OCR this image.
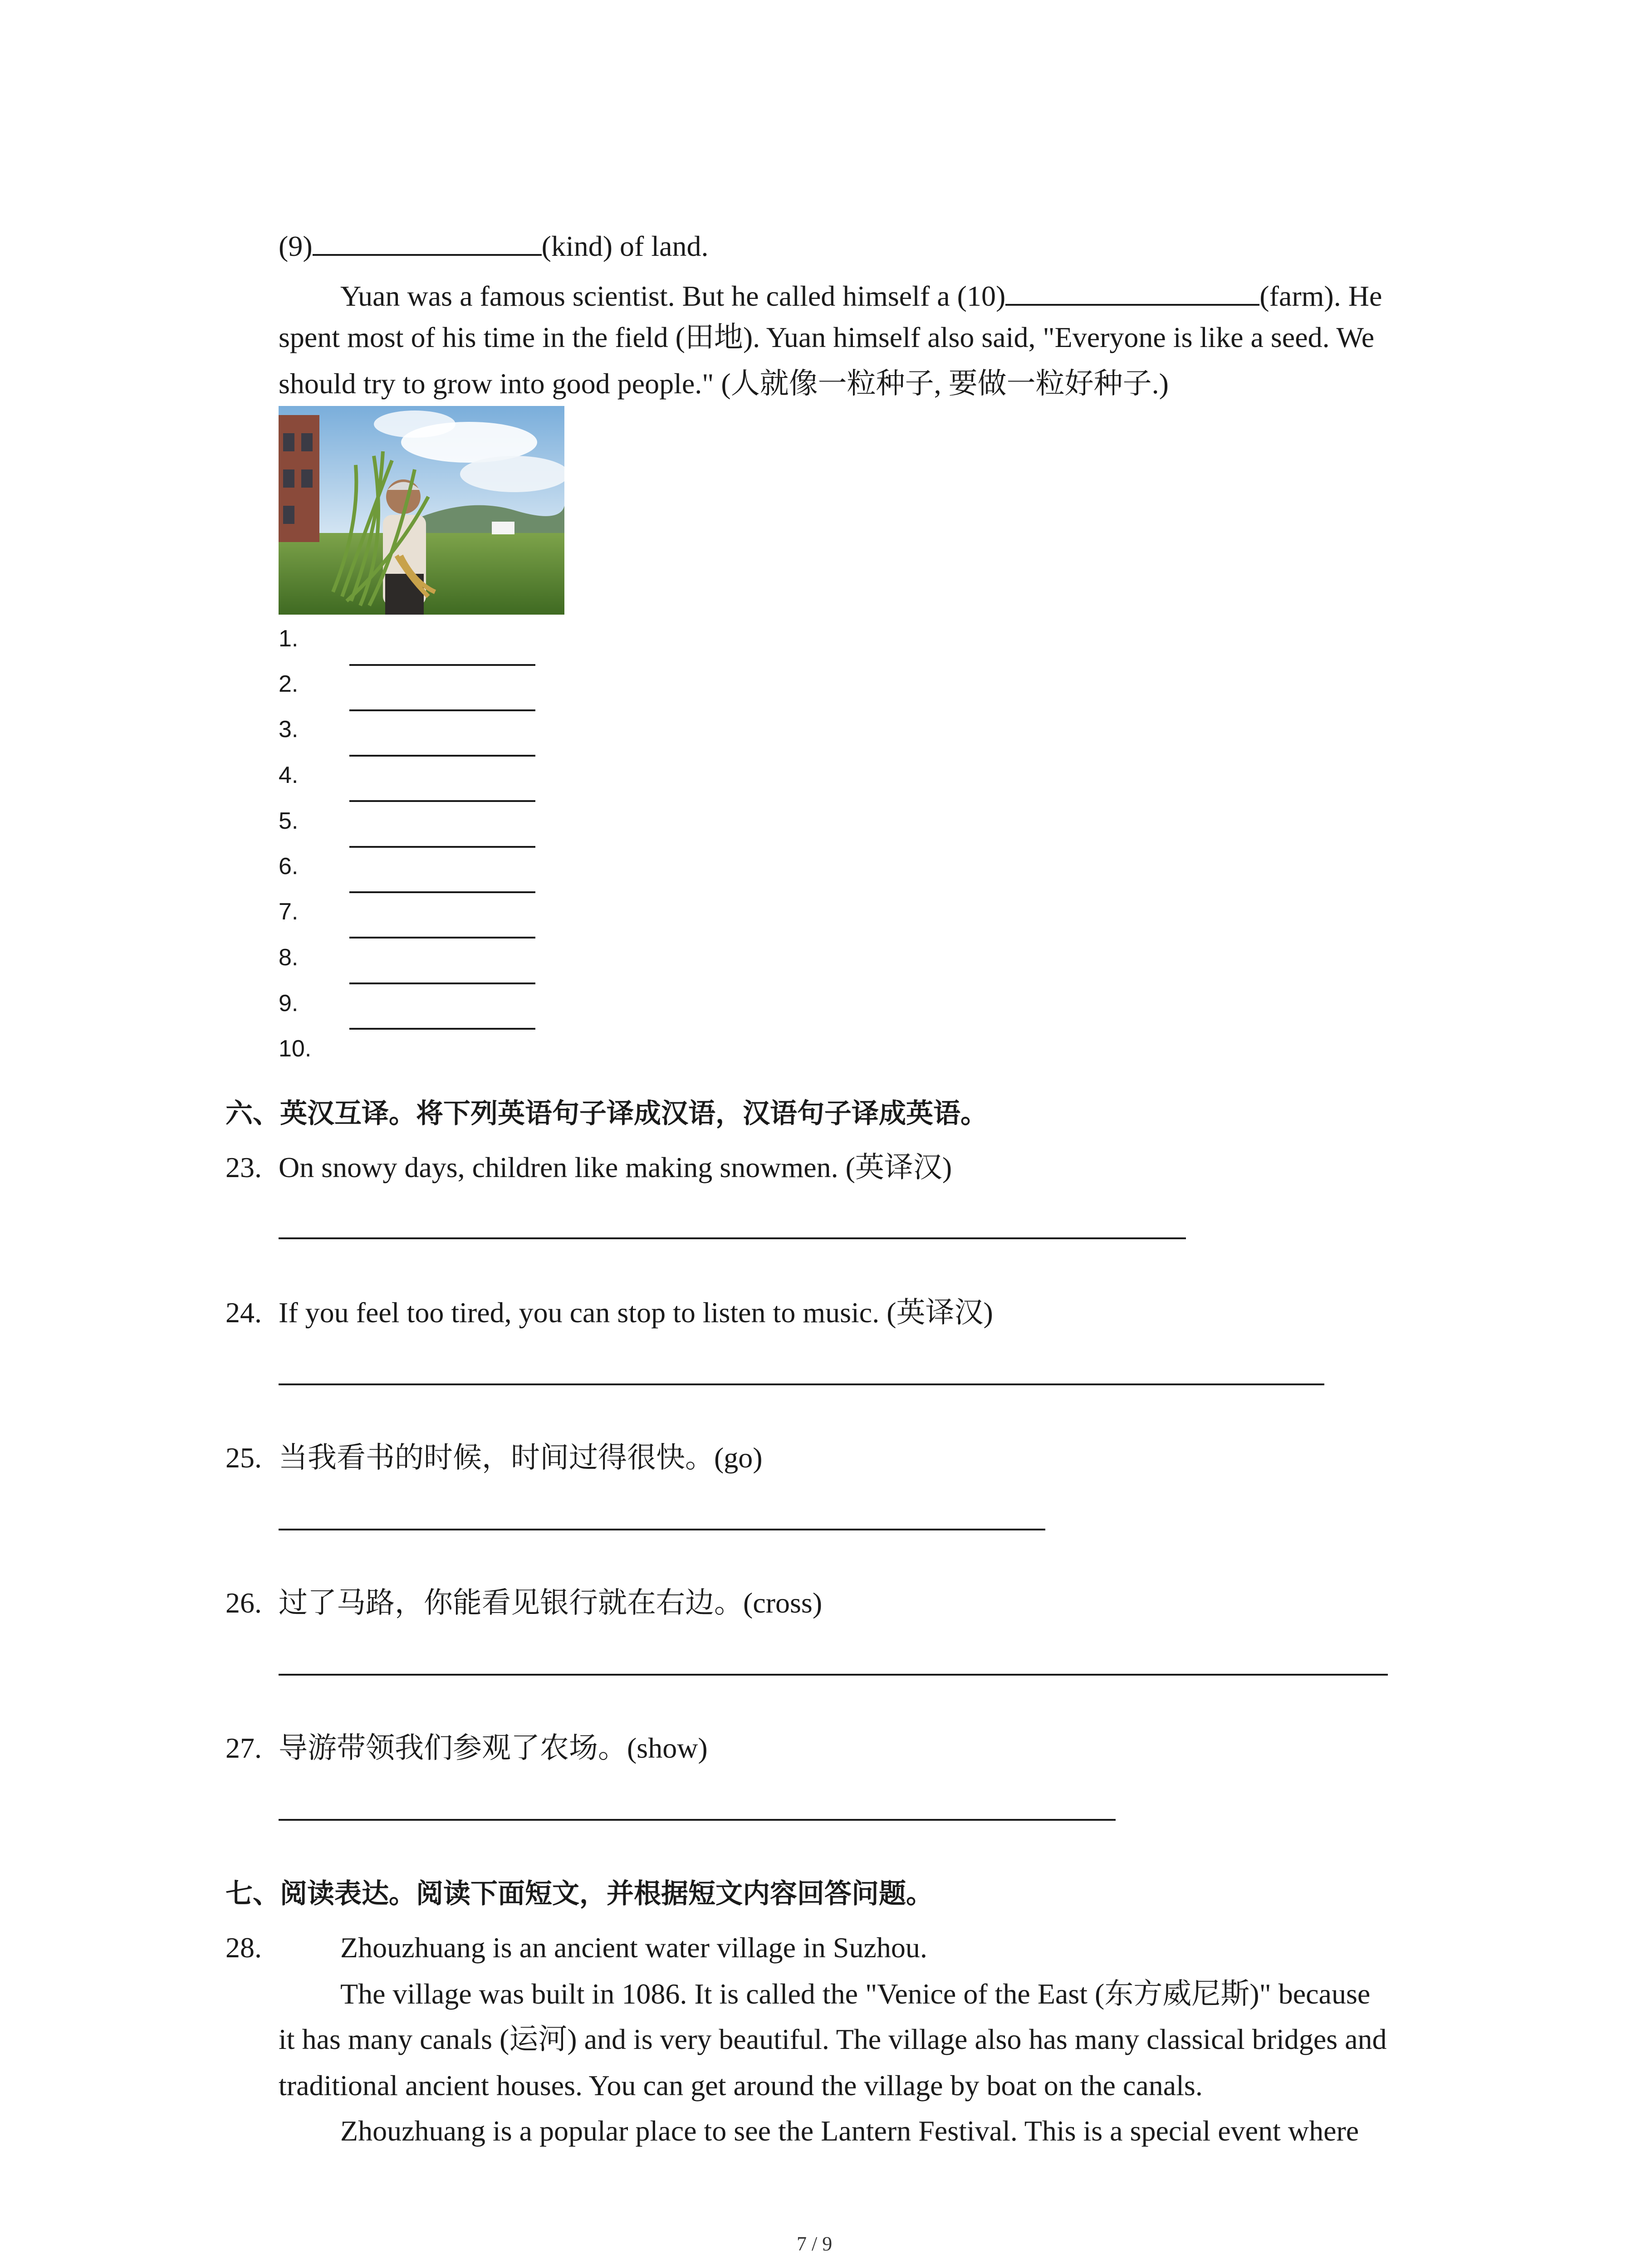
(9)	(kind) of land.
Yuan was a famous scientist. But he called himself a (10)	(farm). He
spent most of his time in the field (田地). Yuan himself also said, "Everyone is like a seed. We
should try to grow into good people." (人就像一粒种子, 要做一粒好种子.)
1.
2.
3.
4.
5.
6.
7.
8.
9.
10.
六、英汉互译。将下列英语句子译成汉语，汉语句子译成英语。
23. On snowy days, children like making snowmen. (英译汉)
24. If you feel too tired, you can stop to listen to music. (英译汉)
25. 当我看书的时候，时间过得很快。(go)
26. 过了马路，你能看见银行就在右边。(cross)
27. 导游带领我们参观了农场。(show)
七、阅读表达。阅读下面短文，并根据短文内容回答问题。
28.	Zhouzhuang is an ancient water village in Suzhou.
The village was built in 1086. It is called the "Venice of the East (东方威尼斯)" because
it has many canals (运河) and is very beautiful. The village also has many classical bridges and
traditional ancient houses. You can get around the village by boat on the canals.
Zhouzhuang is a popular place to see the Lantern Festival. This is a special event where
7 / 9
